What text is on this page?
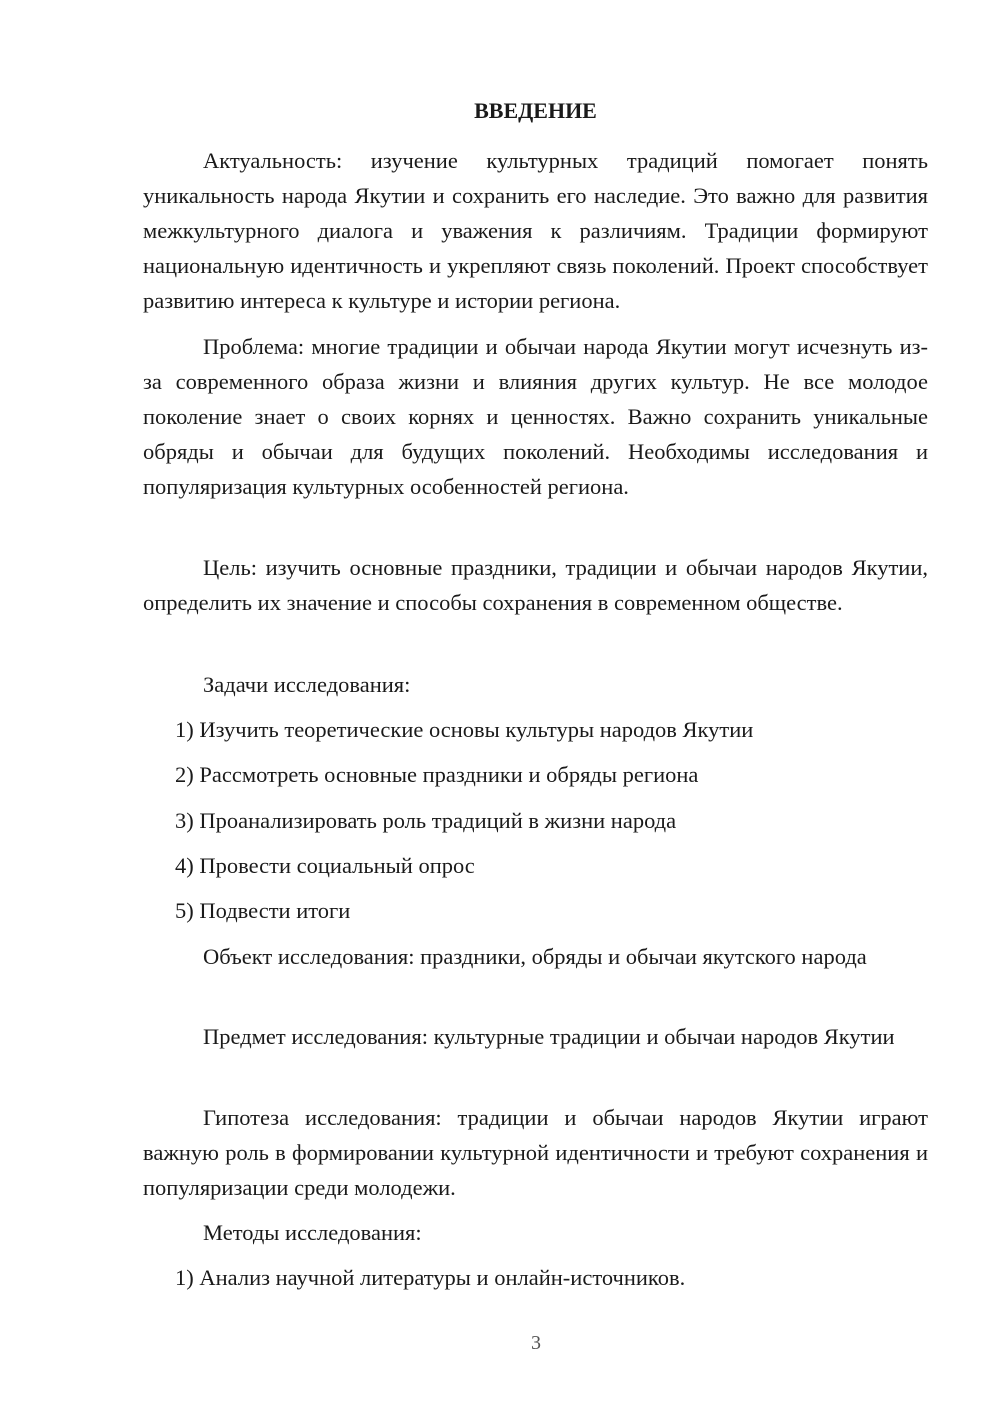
ВВЕДЕНИЕ

Актуальность: изучение культурных традиций помогает понять уникальность народа Якутии и сохранить его наследие. Это важно для развития межкультурного диалога и уважения к различиям. Традиции формируют национальную идентичность и укрепляют связь поколений. Проект способствует развитию интереса к культуре и истории региона.

Проблема: многие традиции и обычаи народа Якутии могут исчезнуть из-за современного образа жизни и влияния других культур. Не все молодое поколение знает о своих корнях и ценностях. Важно сохранить уникальные обряды и обычаи для будущих поколений. Необходимы исследования и популяризация культурных особенностей региона.

Цель: изучить основные праздники, традиции и обычаи народов Якутии, определить их значение и способы сохранения в современном обществе.

Задачи исследования:

1) Изучить теоретические основы культуры народов Якутии

2) Рассмотреть основные праздники и обряды региона

3) Проанализировать роль традиций в жизни народа

4) Провести социальный опрос

5) Подвести итоги

Объект исследования: праздники, обряды и обычаи якутского народа

Предмет исследования: культурные традиции и обычаи народов Якутии

Гипотеза исследования: традиции и обычаи народов Якутии играют важную роль в формировании культурной идентичности и требуют сохранения и популяризации среди молодежи.

Методы исследования:

1) Анализ научной литературы и онлайн-источников.

3
